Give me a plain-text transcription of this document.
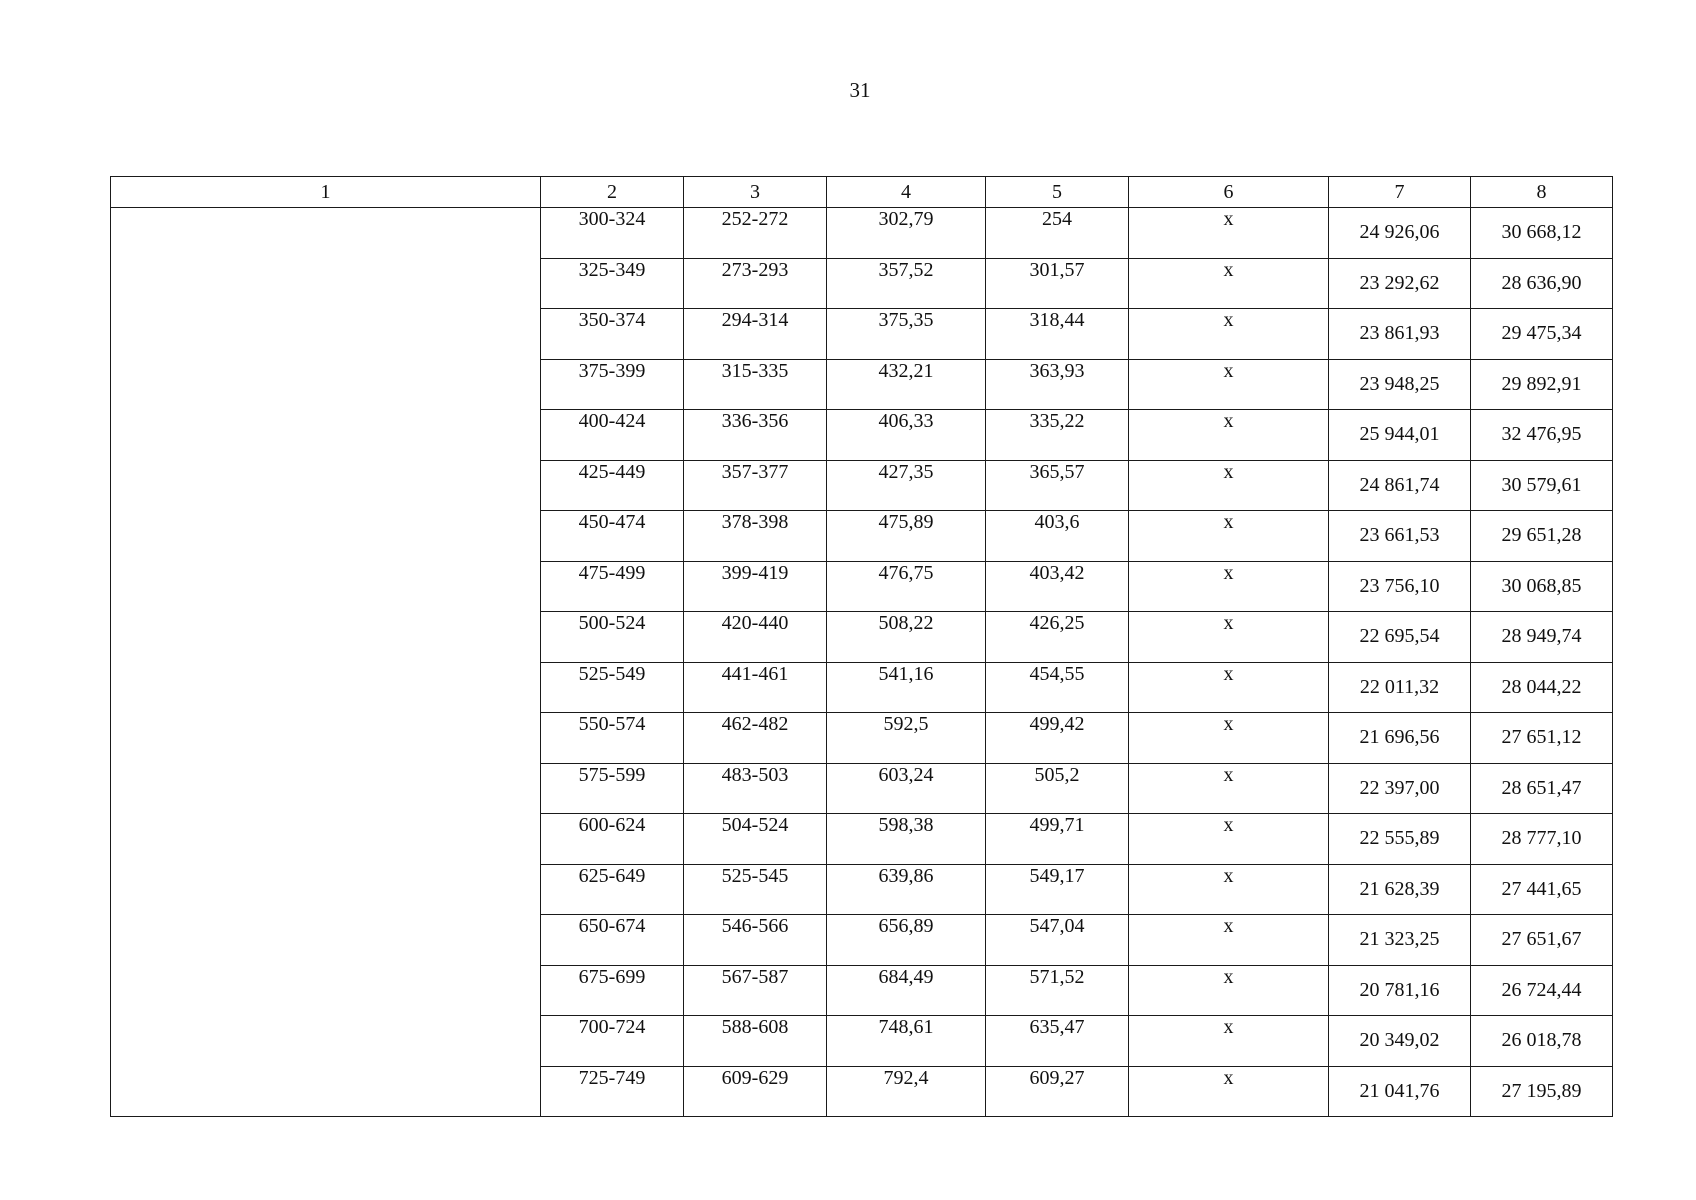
31
1	2	3	4	5	6	7	8
	300-324	252-272	302,79	254	x	24 926,06	30 668,12
	325-349	273-293	357,52	301,57	x	23 292,62	28 636,90
	350-374	294-314	375,35	318,44	x	23 861,93	29 475,34
	375-399	315-335	432,21	363,93	x	23 948,25	29 892,91
	400-424	336-356	406,33	335,22	x	25 944,01	32 476,95
	425-449	357-377	427,35	365,57	x	24 861,74	30 579,61
	450-474	378-398	475,89	403,6	x	23 661,53	29 651,28
	475-499	399-419	476,75	403,42	x	23 756,10	30 068,85
	500-524	420-440	508,22	426,25	x	22 695,54	28 949,74
	525-549	441-461	541,16	454,55	x	22 011,32	28 044,22
	550-574	462-482	592,5	499,42	x	21 696,56	27 651,12
	575-599	483-503	603,24	505,2	x	22 397,00	28 651,47
	600-624	504-524	598,38	499,71	x	22 555,89	28 777,10
	625-649	525-545	639,86	549,17	x	21 628,39	27 441,65
	650-674	546-566	656,89	547,04	x	21 323,25	27 651,67
	675-699	567-587	684,49	571,52	x	20 781,16	26 724,44
	700-724	588-608	748,61	635,47	x	20 349,02	26 018,78
	725-749	609-629	792,4	609,27	x	21 041,76	27 195,89
